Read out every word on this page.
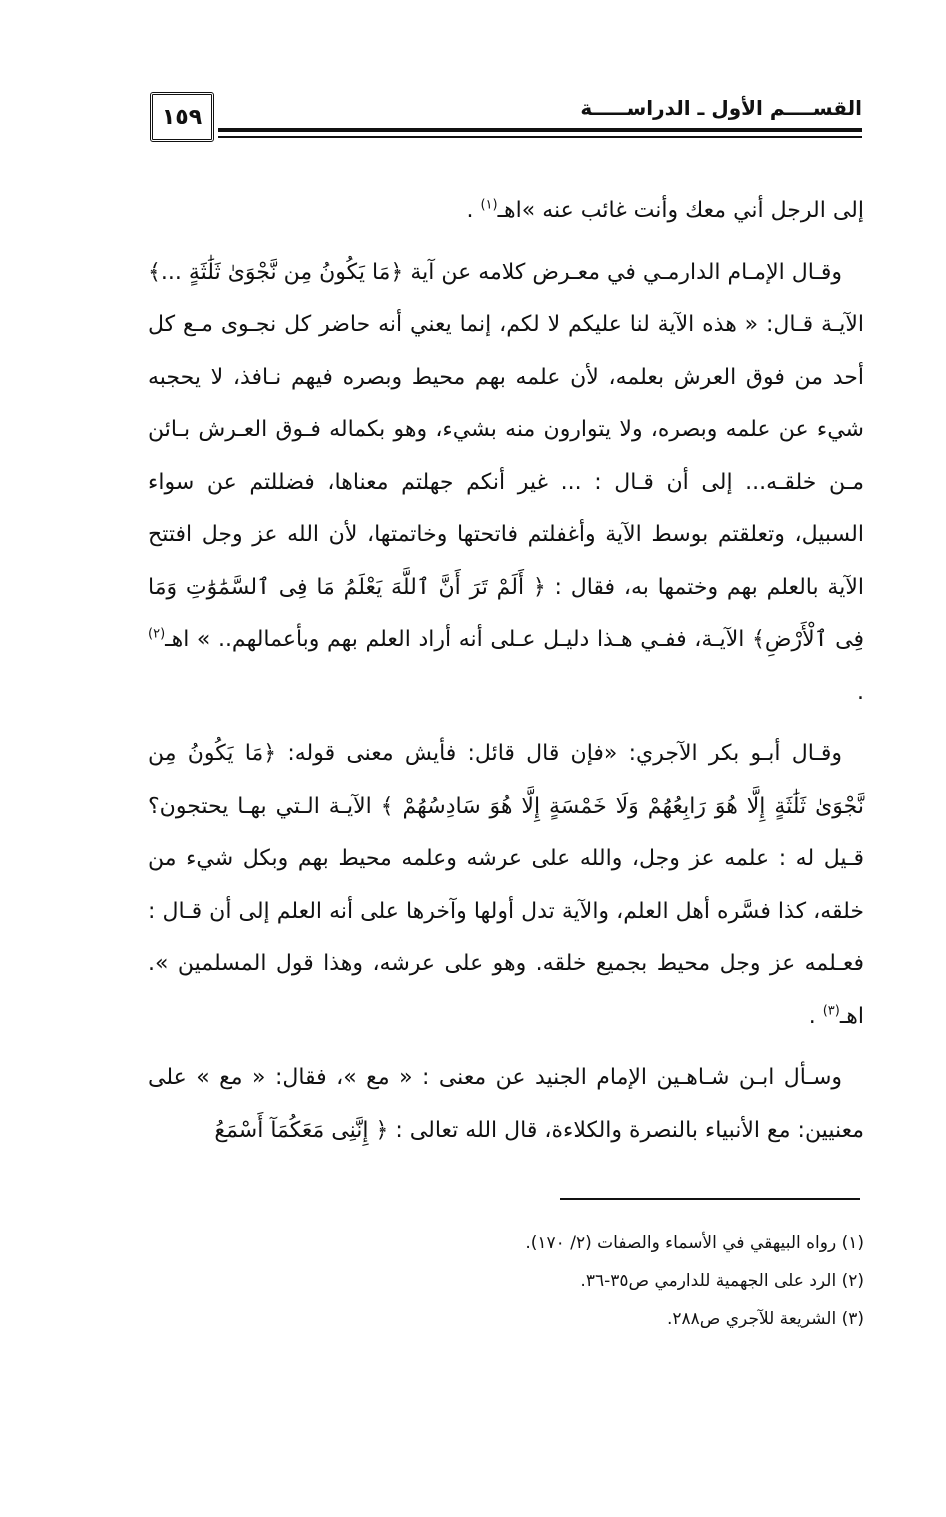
١٥٩	القســــم الأول ـ الدراســـــة

إلى الرجل أني معك وأنت غائب عنه »اهـ$^{(١)}$ .

وقـال الإمـام الدارمـي في معـرض كلامه عن آية ﴿مَا يَكُونُ مِن نَّجْوَىٰ ثَلَٰثَةٍ ...﴾ الآيـة قـال: « هذه الآية لنا عليكم لا لكم، إنما يعني أنه حاضر كل نجـوى مـع كل أحد من فوق العرش بعلمه، لأن علمه بهم محيط وبصره فيهم نـافذ، لا يحجبه شيء عن علمه وبصره، ولا يتوارون منه بشيء، وهو بكماله فـوق العـرش بـائن مـن خلقـه... إلى أن قـال : ... غير أنكم جهلتم معناها، فضللتم عن سواء السبيل، وتعلقتم بوسط الآية وأغفلتم فاتحتها وخاتمتها، لأن الله عز وجل افتتح الآية بالعلم بهم وختمها به، فقال : ﴿ أَلَمْ تَرَ أَنَّ ٱللَّهَ يَعْلَمُ مَا فِى ٱلسَّمَٰوَٰتِ وَمَا فِى ٱلْأَرْضِ﴾ الآيـة، ففـي هـذا دليـل عـلى أنه أراد العلم بهم وبأعمالهم.. » اهـ$^{(٢)}$ .

وقـال أبـو بكر الآجري: «فإن قال قائل: فأيش معنى قوله: ﴿مَا يَكُونُ مِن نَّجْوَىٰ ثَلَٰثَةٍ إِلَّا هُوَ رَابِعُهُمْ وَلَا خَمْسَةٍ إِلَّا هُوَ سَادِسُهُمْ ﴾ الآيـة الـتي بهـا يحتجون؟ قـيل له : علمه عز وجل، والله على عرشه وعلمه محيط بهم وبكل شيء من خلقه، كذا فسَّره أهل العلم، والآية تدل أولها وآخرها على أنه العلم إلى أن قـال : فعـلمه عز وجل محيط بجميع خلقه. وهو على عرشه، وهذا قول المسلمين ». اهـ$^{(٣)}$ .

وسـأل ابـن شـاهـين الإمام الجنيد عن معنى : « مع »، فقال: « مع » على معنيين: مع الأنبياء بالنصرة والكلاءة، قال الله تعالى : ﴿ إِنَّنِى مَعَكُمَآ أَسْمَعُ

(١) رواه البيهقي في الأسماء والصفات (٢/ ١٧٠).
(٢) الرد على الجهمية للدارمي ص٣٥-٣٦.
(٣) الشريعة للآجري ص٢٨٨.
